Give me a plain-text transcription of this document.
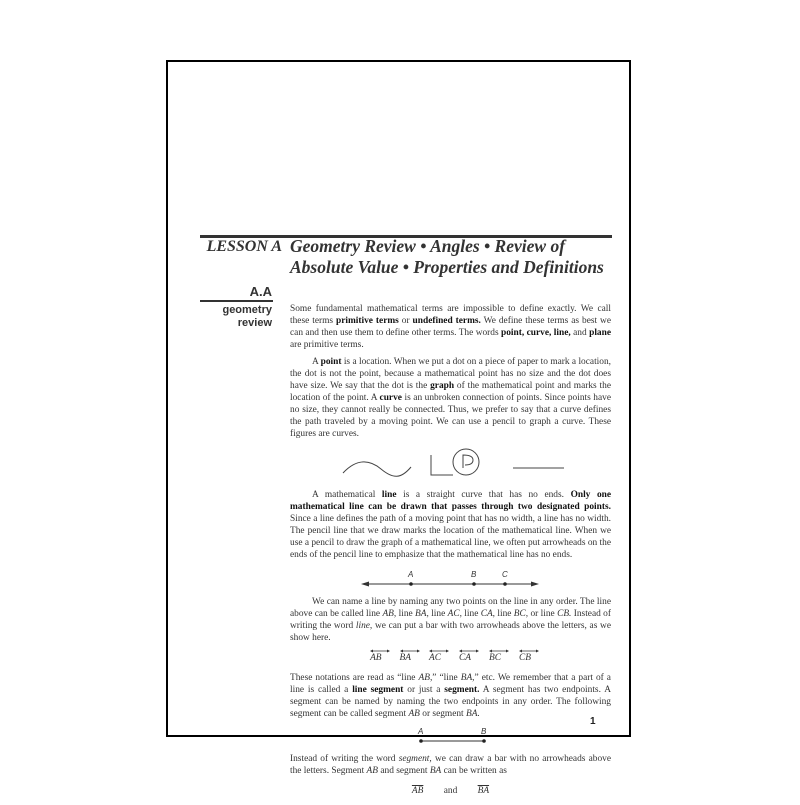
LESSON A Geometry Review • Angles • Review of
Absolute Value • Properties and Definitions
A.A
geometry
review
Some fundamental mathematical terms are impossible to define exactly. We call these terms primitive terms or undefined terms. We define these terms as best we can and then use them to define other terms. The words point, curve, line, and plane are primitive terms.
A point is a location. When we put a dot on a piece of paper to mark a location, the dot is not the point, because a mathematical point has no size and the dot does have size. We say that the dot is the graph of the mathematical point and marks the location of the point. A curve is an unbroken connection of points. Since points have no size, they cannot really be connected. Thus, we prefer to say that a curve defines the path traveled by a moving point. We can use a pencil to graph a curve. These figures are curves.
A mathematical line is a straight curve that has no ends. Only one mathematical line can be drawn that passes through two designated points. Since a line defines the path of a moving point that has no width, a line has no width. The pencil line that we draw marks the location of the mathematical line. When we use a pencil to draw the graph of a mathematical line, we often put arrowheads on the ends of the pencil line to emphasize that the mathematical line has no ends.
A	B	C
We can name a line by naming any two points on the line in any order. The line above can be called line AB, line BA, line AC, line CA, line BC, or line CB. Instead of writing the word line, we can put a bar with two arrowheads above the letters, as we show here.
AB BA AC CA BC CB
These notations are read as “line AB,” “line BA,” etc. We remember that a part of a line is called a line segment or just a segment. A segment has two endpoints. A segment can be named by naming the two endpoints in any order. The following segment can be called segment AB or segment BA.
A	B
Instead of writing the word segment, we can draw a bar with no arrowheads above the letters. Segment AB and segment BA can be written as
$\overline{AB}$ and $\overline{BA}$
1
